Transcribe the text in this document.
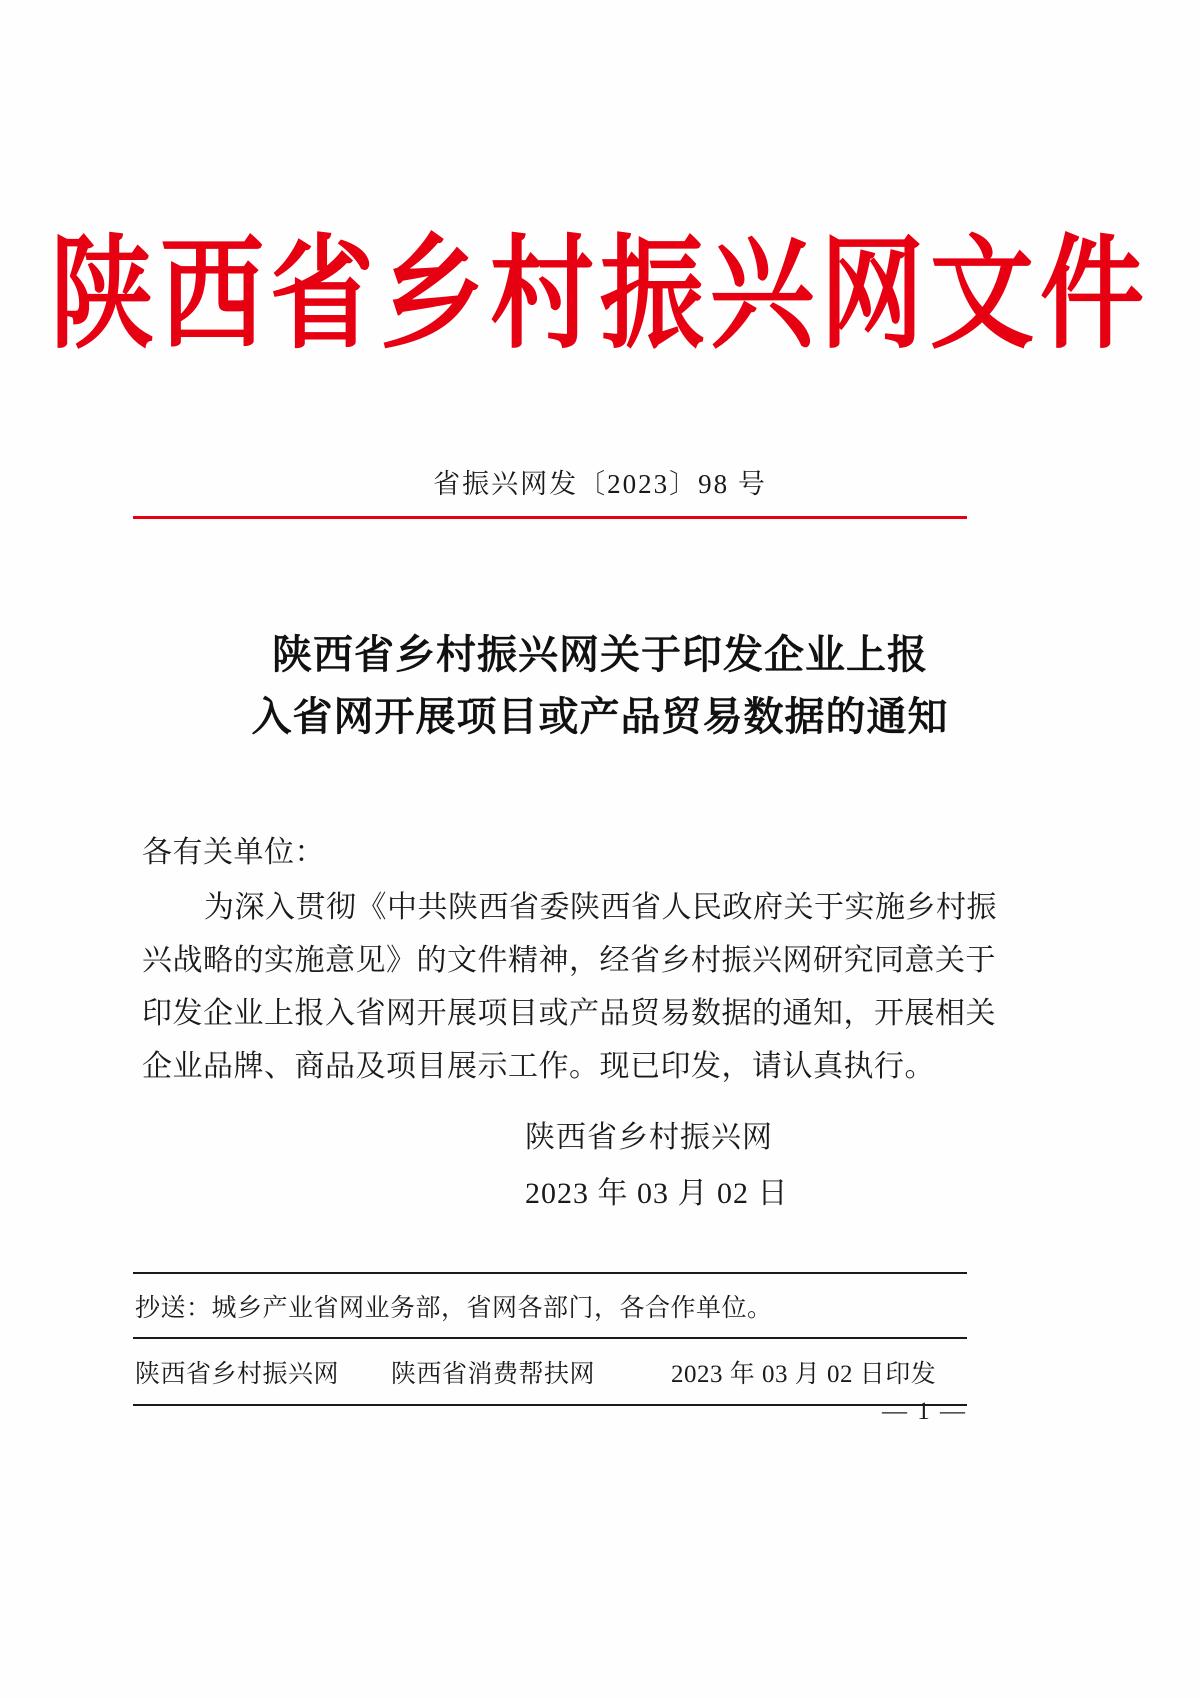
陕西省乡村振兴网文件
省振兴网发〔2023〕98 号
陕西省乡村振兴网关于印发企业上报
入省网开展项目或产品贸易数据的通知
各有关单位：
为深入贯彻《中共陕西省委陕西省人民政府关于实施乡村振
兴战略的实施意见》的文件精神，经省乡村振兴网研究同意关于
印发企业上报入省网开展项目或产品贸易数据的通知，开展相关
企业品牌、商品及项目展示工作。现已印发，请认真执行。
陕西省乡村振兴网
2023 年 03 月 02 日
抄送：城乡产业省网业务部，省网各部门，各合作单位。
陕西省乡村振兴网	陕西省消费帮扶网	2023 年 03 月 02 日印发
— 1 —
